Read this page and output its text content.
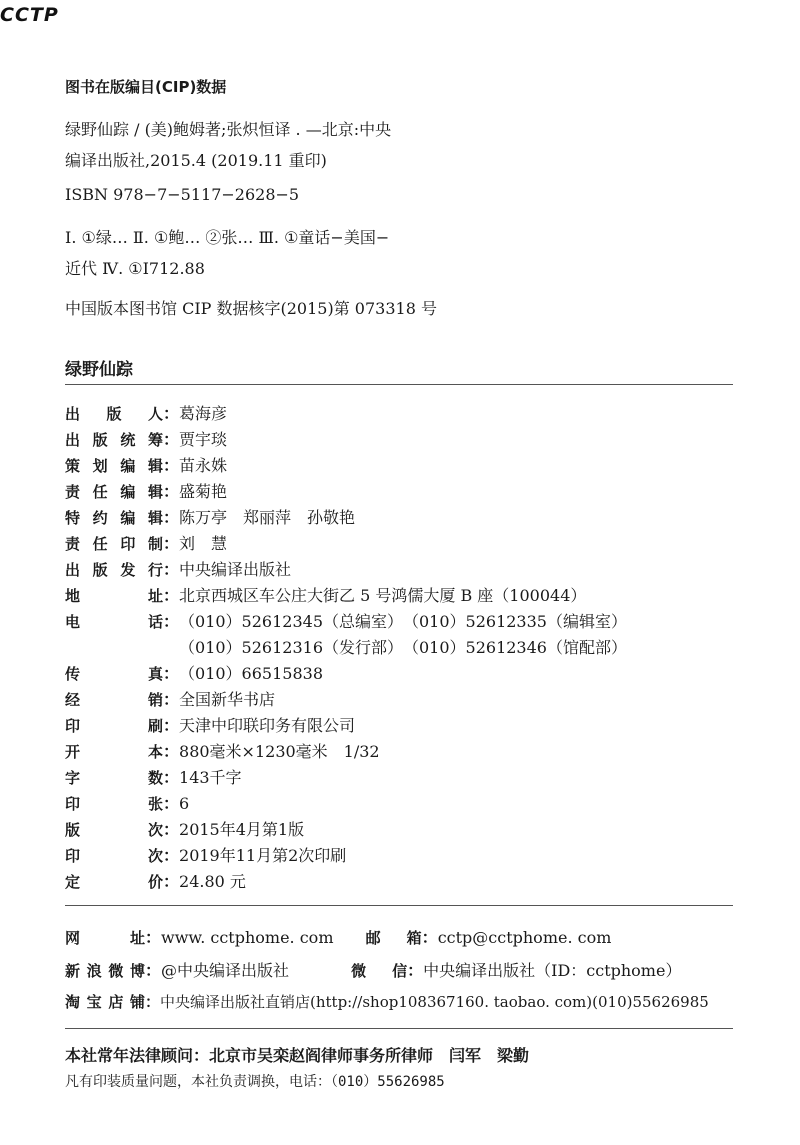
CCTP
图书在版编目(CIP)数据
绿野仙踪 / (美)鲍姆著;张炽恒译 . —北京:中央
编译出版社,2015.4 (2019.11 重印)
ISBN 978−7−5117−2628−5
Ⅰ. ①绿… Ⅱ. ①鲍… ②张… Ⅲ. ①童话−美国−
近代 Ⅳ. ①I712.88
中国版本图书馆 CIP 数据核字(2015)第 073318 号
绿野仙踪
出版人：葛海彦
出版统筹：贾宇琰
策划编辑：苗永姝
责任编辑：盛菊艳
特约编辑：陈万亭　郑丽萍　孙敬艳
责任印制：刘　慧
出版发行：中央编译出版社
地址：北京西城区车公庄大街乙 5 号鸿儒大厦 B 座（100044）
电话：（010）52612345（总编室）　（010）52612335（编辑室）
（010）52612316（发行部）　（010）52612346（馆配部）
传真：（010）66515838
经销：全国新华书店
印刷：天津中印联印务有限公司
开本：880毫米×1230毫米　1/32
字数：143千字
印张：6
版次：2015年4月第1版
印次：2019年11月第2次印刷
定价：24.80 元
网址：www. cctphome. com 邮箱：cctp@cctphome. com
新浪微博：@中央编译出版社	微信：中央编译出版社（ID：cctphome）
淘宝店铺：中央编译出版社直销店(http://shop108367160. taobao. com)(010)55626985
本社常年法律顾问：北京市吴栾赵阎律师事务所律师　闫军　梁勤
凡有印装质量问题，本社负责调换，电话：（010）55626985
